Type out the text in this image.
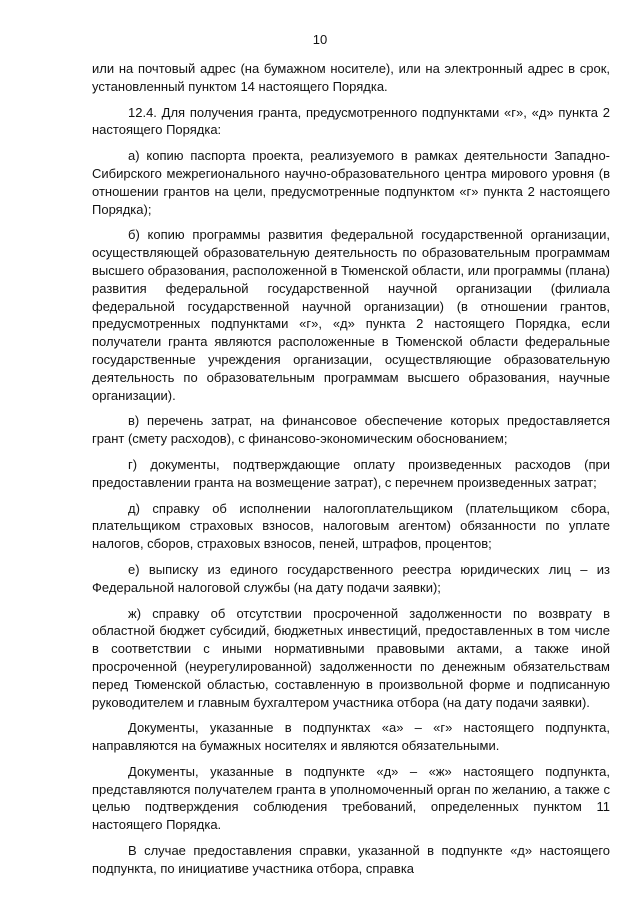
10

или на почтовый адрес (на бумажном носителе), или на электронный адрес в срок, установленный пунктом 14 настоящего Порядка.

12.4. Для получения гранта, предусмотренного подпунктами «г», «д» пункта 2 настоящего Порядка:

а) копию паспорта проекта, реализуемого в рамках деятельности Западно-Сибирского межрегионального научно-образовательного центра мирового уровня (в отношении грантов на цели, предусмотренные подпунктом «г» пункта 2 настоящего Порядка);

б) копию программы развития федеральной государственной организации, осуществляющей образовательную деятельность по образовательным программам высшего образования, расположенной в Тюменской области, или программы (плана) развития федеральной государственной научной организации (филиала федеральной государственной научной организации) (в отношении грантов, предусмотренных подпунктами «г», «д» пункта 2 настоящего Порядка, если получатели гранта являются расположенные в Тюменской области федеральные государственные учреждения организации, осуществляющие образовательную деятельность по образовательным программам высшего образования, научные организации).

в) перечень затрат, на финансовое обеспечение которых предоставляется грант (смету расходов), с финансово-экономическим обоснованием;

г) документы, подтверждающие оплату произведенных расходов (при предоставлении гранта на возмещение затрат), с перечнем произведенных затрат;

д) справку об исполнении налогоплательщиком (плательщиком сбора, плательщиком страховых взносов, налоговым агентом) обязанности по уплате налогов, сборов, страховых взносов, пеней, штрафов, процентов;

е) выписку из единого государственного реестра юридических лиц – из Федеральной налоговой службы (на дату подачи заявки);

ж) справку об отсутствии просроченной задолженности по возврату в областной бюджет субсидий, бюджетных инвестиций, предоставленных в том числе в соответствии с иными нормативными правовыми актами, а также иной просроченной (неурегулированной) задолженности по денежным обязательствам перед Тюменской областью, составленную в произвольной форме и подписанную руководителем и главным бухгалтером участника отбора (на дату подачи заявки).

Документы, указанные в подпунктах «а» – «г» настоящего подпункта, направляются на бумажных носителях и являются обязательными.

Документы, указанные в подпункте «д» – «ж» настоящего подпункта, представляются получателем гранта в уполномоченный орган по желанию, а также с целью подтверждения соблюдения требований, определенных пунктом 11 настоящего Порядка.

В случае предоставления справки, указанной в подпункте «д» настоящего подпункта, по инициативе участника отбора, справка
